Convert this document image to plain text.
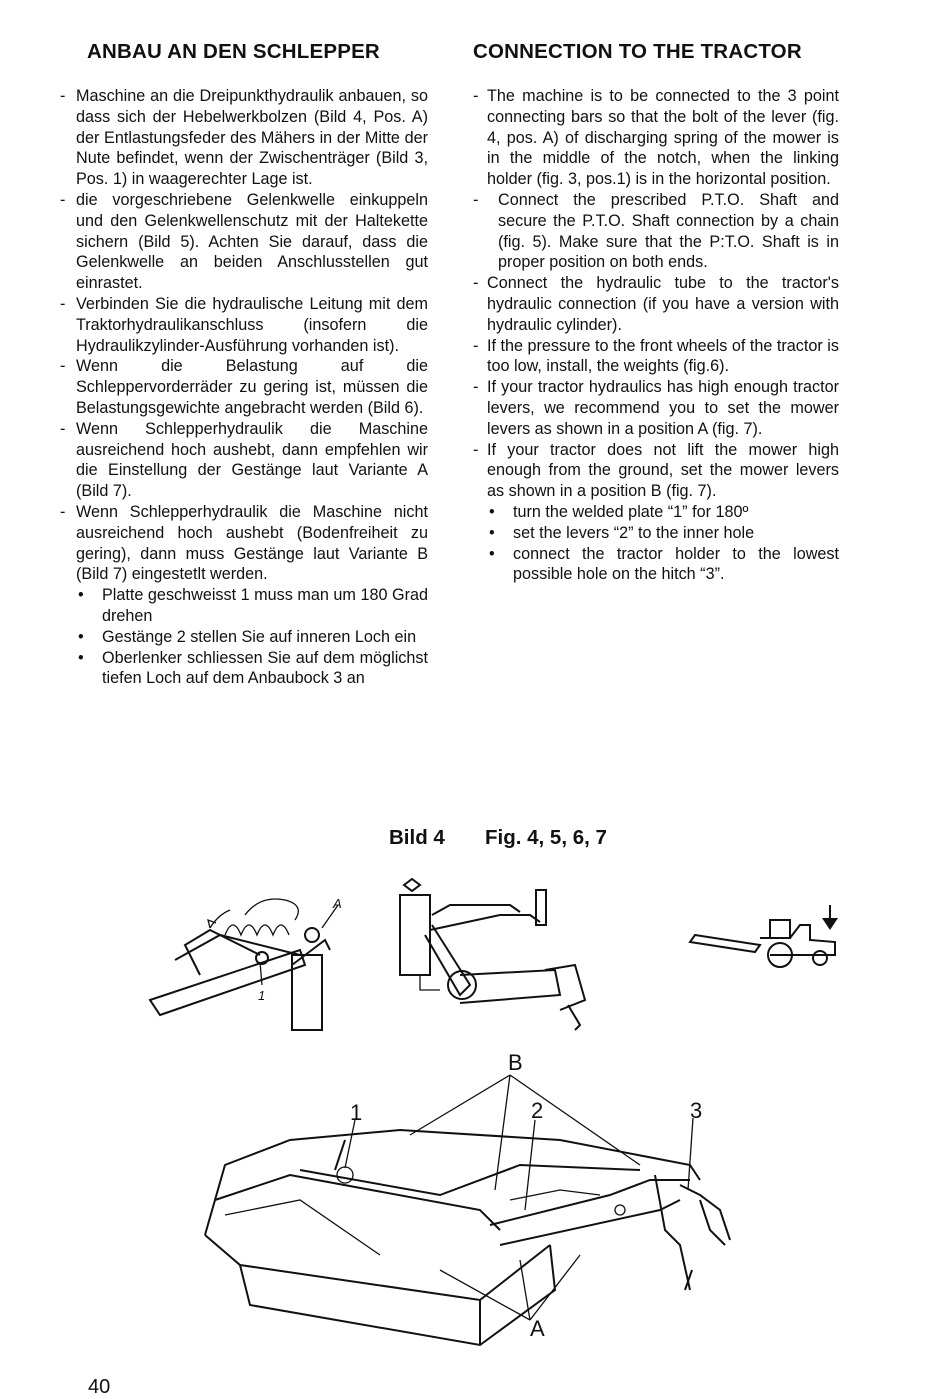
ANBAU AN DEN SCHLEPPER
- Maschine an die Dreipunkthydraulik anbauen, so dass sich der Hebelwerkbolzen (Bild 4, Pos. A) der Entlastungsfeder des Mähers in der Mitte der Nute befindet, wenn der Zwischenträger (Bild 3, Pos. 1) in waagerechter Lage ist.
- die vorgeschriebene Gelenkwelle einkuppeln und den Gelenkwellenschutz mit der Haltekette sichern (Bild 5). Achten Sie darauf, dass die Gelenkwelle an beiden Anschlusstellen gut einrastet.
- Verbinden Sie die hydraulische Leitung mit dem Traktorhydraulikanschluss (insofern die Hydraulikzylinder-Ausführung vorhanden ist).
- Wenn die Belastung auf die Schleppervorderräder zu gering ist, müssen die Belastungsgewichte angebracht werden (Bild 6).
- Wenn Schlepperhydraulik die Maschine ausreichend hoch aushebt, dann empfehlen wir die Einstellung der Gestänge laut Variante A (Bild 7).
- Wenn Schlepperhydraulik die Maschine nicht ausreichend hoch aushebt (Bodenfreiheit zu gering), dann muss Gestänge laut Variante B (Bild 7) eingestetlt werden.
• Platte geschweisst 1 muss man um 180 Grad drehen
• Gestänge 2 stellen Sie auf inneren Loch ein
• Oberlenker schliessen Sie auf dem möglichst tiefen Loch auf dem Anbaubock 3 an
CONNECTION TO THE TRACTOR
- The machine is to be connected to the 3 point connecting bars so that the bolt of the lever (fig. 4, pos. A) of discharging spring of the mower is in the middle of the notch, when the linking holder (fig. 3, pos.1) is in the horizontal position.
- Connect the prescribed P.T.O. Shaft and secure the P.T.O. Shaft connection by a chain (fig. 5). Make sure that the P:T.O. Shaft is in proper position on both ends.
- Connect the hydraulic tube to the tractor's hydraulic connection (if you have a version with hydraulic cylinder).
- If the pressure to the front wheels of the tractor is too low, install, the weights (fig.6).
- If your tractor hydraulics has high enough tractor levers, we recommend you to set the mower levers as shown in a position A (fig. 7).
- If your tractor does not lift the mower high enough from the ground, set the mower levers as shown in a position B (fig. 7).
• turn the welded plate “1” for 180º
• set the levers “2” to the inner hole
• connect the tractor holder to the lowest possible hole on the hitch “3”.
Bild 4 Fig. 4, 5, 6, 7
1
A
B
1	2	3
A
40
